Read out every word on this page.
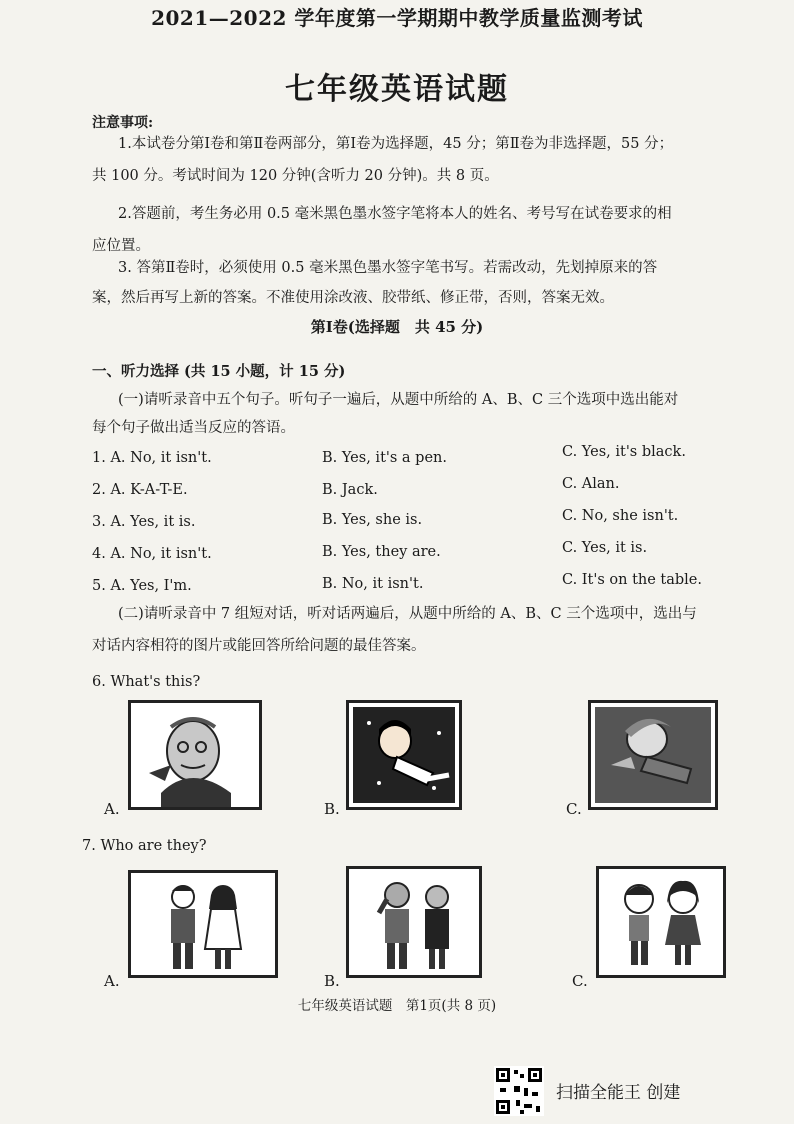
2021—2022 学年度第一学期期中教学质量监测考试
七年级英语试题
注意事项:
1.本试卷分第Ⅰ卷和第Ⅱ卷两部分，第Ⅰ卷为选择题，45 分；第Ⅱ卷为非选择题，55 分；
共 100 分。考试时间为 120 分钟(含听力 20 分钟)。共 8 页。
2.答题前，考生务必用 0.5 毫米黑色墨水签字笔将本人的姓名、考号写在试卷要求的相
应位置。
3. 答第Ⅱ卷时，必须使用 0.5 毫米黑色墨水签字笔书写。若需改动，先划掉原来的答
案，然后再写上新的答案。不准使用涂改液、胶带纸、修正带，否则，答案无效。
第Ⅰ卷(选择题　共 45 分)
一、听力选择 (共 15 小题，计 15 分)
(一)请听录音中五个句子。听句子一遍后，从题中所给的 A、B、C 三个选项中选出能对
每个句子做出适当反应的答语。
1. A. No, it isn't.	B. Yes, it's a pen.	C. Yes, it's black.
2. A. K-A-T-E.	B. Jack.	C. Alan.
3. A. Yes, it is.	B. Yes, she is.	C. No, she isn't.
4. A. No, it isn't.	B. Yes, they are.	C. Yes, it is.
5. A. Yes, I'm.	B. No, it isn't.	C. It's on the table.
(二)请听录音中 7 组短对话，听对话两遍后，从题中所给的 A、B、C 三个选项中，选出与
对话内容相符的图片或能回答所给问题的最佳答案。
6. What's this?
A.	B.	C.
7. Who are they?
A.	B.	C.
七年级英语试题　第1页(共 8 页)
扫描全能王 创建
